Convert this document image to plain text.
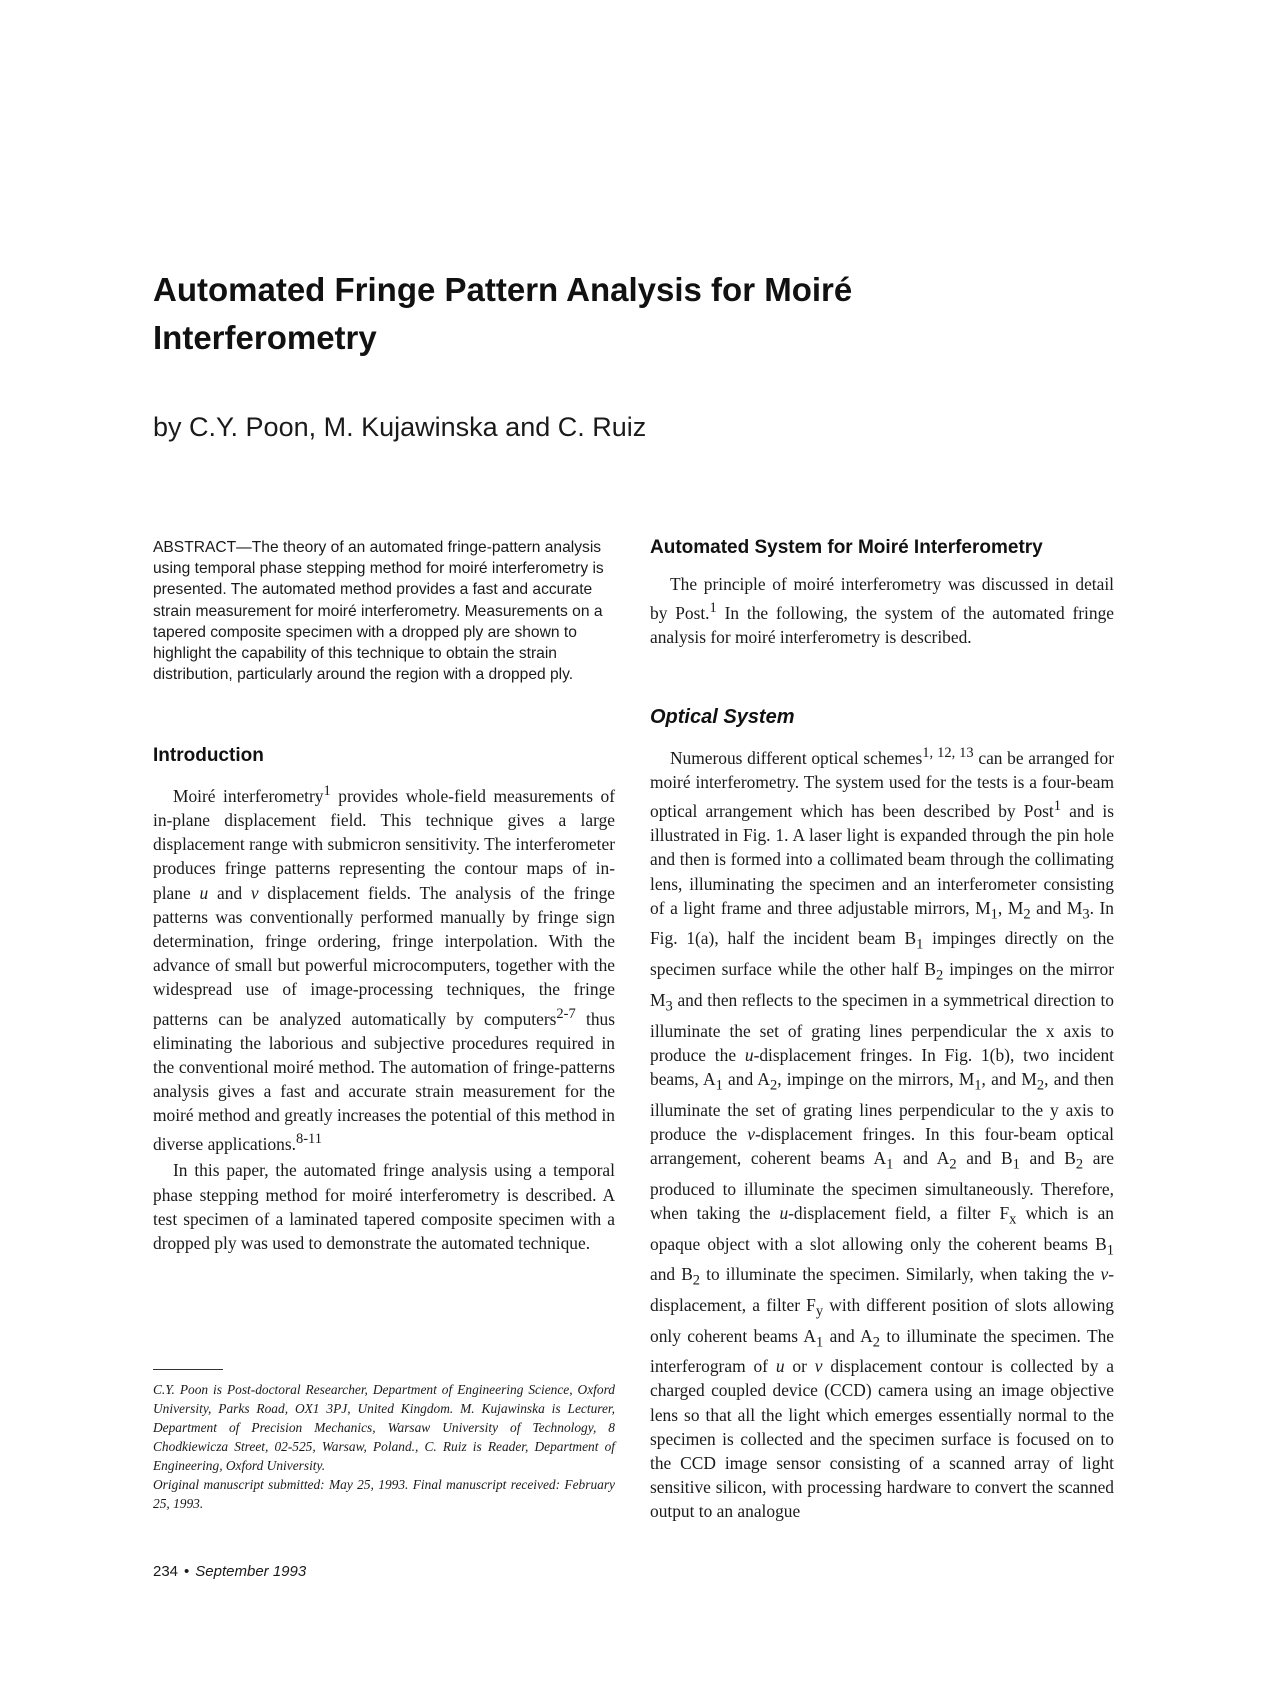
Automated Fringe Pattern Analysis for Moiré Interferometry
by C.Y. Poon, M. Kujawinska and C. Ruiz

ABSTRACT—The theory of an automated fringe-pattern analysis using temporal phase stepping method for moiré interferometry is presented. The automated method provides a fast and accurate strain measurement for moiré interferometry. Measurements on a tapered composite specimen with a dropped ply are shown to highlight the capability of this technique to obtain the strain distribution, particularly around the region with a dropped ply.

Introduction

Moiré interferometry$^1$ provides whole-field measurements of in-plane displacement field. This technique gives a large displacement range with submicron sensitivity. The interferometer produces fringe patterns representing the contour maps of in-plane u and v displacement fields. The analysis of the fringe patterns was conventionally performed manually by fringe sign determination, fringe ordering, fringe interpolation. With the advance of small but powerful microcomputers, together with the widespread use of image-processing techniques, the fringe patterns can be analyzed automatically by computers$^{2-7}$ thus eliminating the laborious and subjective procedures required in the conventional moiré method. The automation of fringe-patterns analysis gives a fast and accurate strain measurement for the moiré method and greatly increases the potential of this method in diverse applications.$^{8-11}$

In this paper, the automated fringe analysis using a temporal phase stepping method for moiré interferometry is described. A test specimen of a laminated tapered composite specimen with a dropped ply was used to demonstrate the automated technique.

C.Y. Poon is Post-doctoral Researcher, Department of Engineering Science, Oxford University, Parks Road, OX1 3PJ, United Kingdom. M. Kujawinska is Lecturer, Department of Precision Mechanics, Warsaw University of Technology, 8 Chodkiewicza Street, 02-525, Warsaw, Poland., C. Ruiz is Reader, Department of Engineering, Oxford University.

Original manuscript submitted: May 25, 1993. Final manuscript received: February 25, 1993.

234 • September 1993
Automated System for Moiré Interferometry

The principle of moiré interferometry was discussed in detail by Post.$^1$ In the following, the system of the automated fringe analysis for moiré interferometry is described.

Optical System

Numerous different optical schemes$^{1, 12, 13}$ can be arranged for moiré interferometry. The system used for the tests is a four-beam optical arrangement which has been described by Post$^1$ and is illustrated in Fig. 1. A laser light is expanded through the pin hole and then is formed into a collimated beam through the collimating lens, illuminating the specimen and an interferometer consisting of a light frame and three adjustable mirrors, $M_1$, $M_2$ and $M_3$. In Fig. 1(a), half the incident beam $B_1$ impinges directly on the specimen surface while the other half $B_2$ impinges on the mirror $M_3$ and then reflects to the specimen in a symmetrical direction to illuminate the set of grating lines perpendicular the x axis to produce the u-displacement fringes. In Fig. 1(b), two incident beams, $A_1$ and $A_2$, impinge on the mirrors, $M_1$, and $M_2$, and then illuminate the set of grating lines perpendicular to the y axis to produce the v-displacement fringes. In this four-beam optical arrangement, coherent beams $A_1$ and $A_2$ and $B_1$ and $B_2$ are produced to illuminate the specimen simultaneously. Therefore, when taking the u-displacement field, a filter $F_x$ which is an opaque object with a slot allowing only the coherent beams $B_1$ and $B_2$ to illuminate the specimen. Similarly, when taking the v-displacement, a filter $F_y$ with different position of slots allowing only coherent beams $A_1$ and $A_2$ to illuminate the specimen. The interferogram of u or v displacement contour is collected by a charged coupled device (CCD) camera using an image objective lens so that all the light which emerges essentially normal to the specimen is collected and the specimen surface is focused on to the CCD image sensor consisting of a scanned array of light sensitive silicon, with processing hardware to convert the scanned output to an analogue
